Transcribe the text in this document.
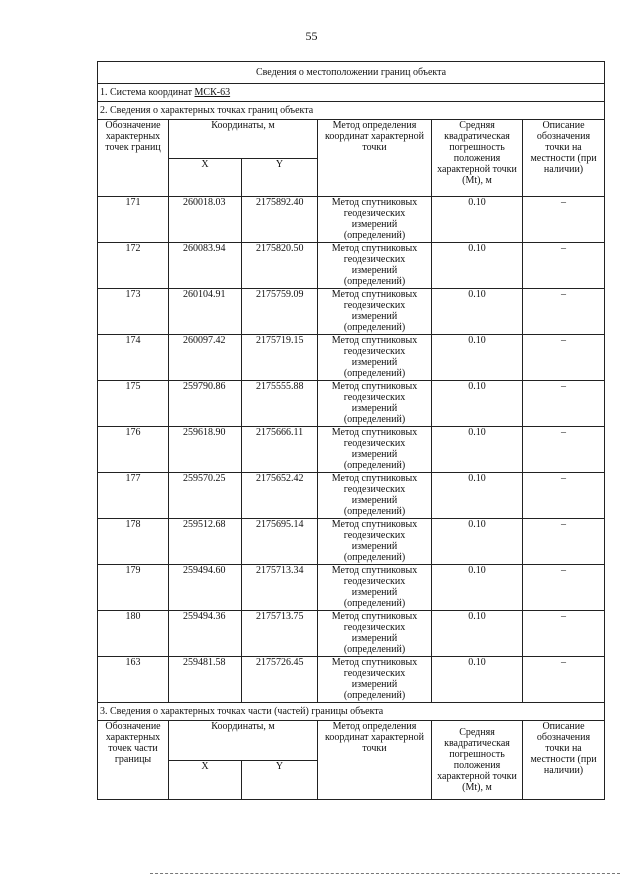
55
Сведения о местоположении границ объекта					
1. Система координат МСК-63					
2. Сведения о характерных точках границ объекта					
Обозначение характерных точек границ	Координаты, м		Метод определения координат характерной точки	Средняя квадратическая погрешность положения характерной точки (Mt), м	Описание обозначения точки на местности (при наличии)
	X	Y			
171	260018.03	2175892.40	Метод спутниковых геодезических измерений (определений)	0.10	–
172	260083.94	2175820.50	Метод спутниковых геодезических измерений (определений)	0.10	–
173	260104.91	2175759.09	Метод спутниковых геодезических измерений (определений)	0.10	–
174	260097.42	2175719.15	Метод спутниковых геодезических измерений (определений)	0.10	–
175	259790.86	2175555.88	Метод спутниковых геодезических измерений (определений)	0.10	–
176	259618.90	2175666.11	Метод спутниковых геодезических измерений (определений)	0.10	–
177	259570.25	2175652.42	Метод спутниковых геодезических измерений (определений)	0.10	–
178	259512.68	2175695.14	Метод спутниковых геодезических измерений (определений)	0.10	–
179	259494.60	2175713.34	Метод спутниковых геодезических измерений (определений)	0.10	–
180	259494.36	2175713.75	Метод спутниковых геодезических измерений (определений)	0.10	–
163	259481.58	2175726.45	Метод спутниковых геодезических измерений (определений)	0.10	–
3. Сведения о характерных точках части (частей) границы объекта					
Обозначение характерных точек части границы	Координаты, м		Метод определения координат характерной точки	Средняя квадратическая погрешность положения характерной точки (Mt), м	Описание обозначения точки на местности (при наличии)
	X	Y			
